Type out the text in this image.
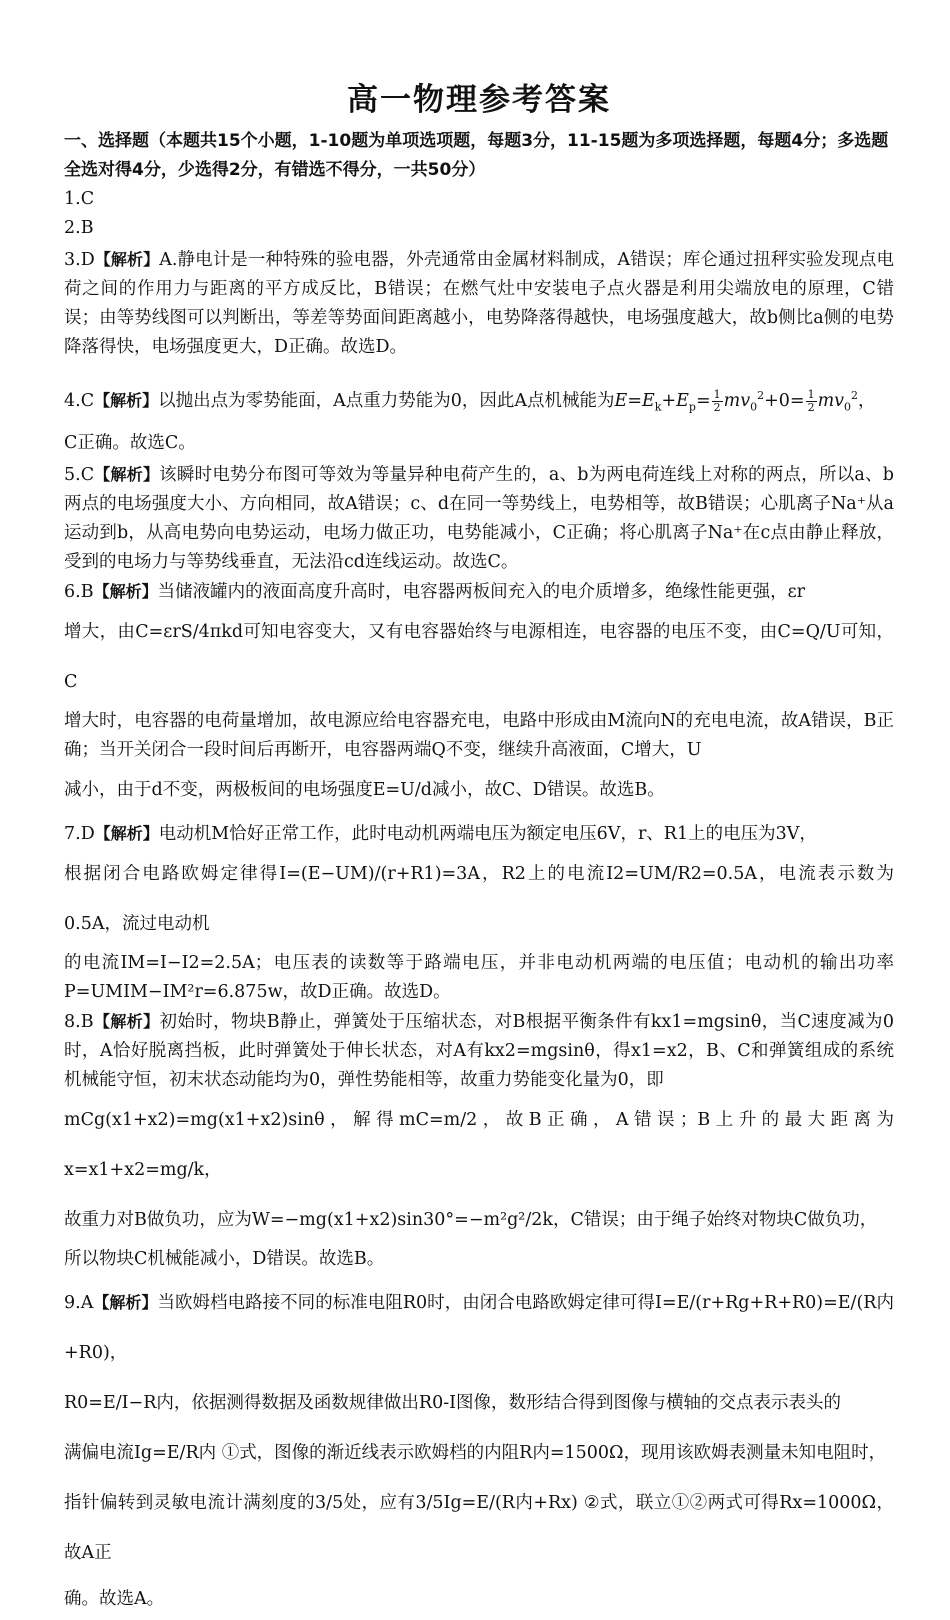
高一物理参考答案

一、选择题（本题共15个小题，1-10题为单项选项题，每题3分，11-15题为多项选择题，每题4分；多选题全选对得4分，少选得2分，有错选不得分，一共50分）

1.C

2.B

3.D【解析】A.静电计是一种特殊的验电器，外壳通常由金属材料制成，A错误；库仑通过扭秤实验发现点电荷之间的作用力与距离的平方成反比，B错误；在燃气灶中安装电子点火器是利用尖端放电的原理，C错误；由等势线图可以判断出，等差等势面间距离越小，电势降落得越快，电场强度越大，故b侧比a侧的电势降落得快，电场强度更大，D正确。故选D。

4.C【解析】以抛出点为零势能面，A点重力势能为0，因此A点机械能为$E=E_k+E_p= \frac{1}{2} mv_0^2+0= \frac{1}{2} mv_0^2$，

C正确。故选C。

5.C【解析】该瞬时电势分布图可等效为等量异种电荷产生的，a、b为两电荷连线上对称的两点，所以a、b两点的电场强度大小、方向相同，故A错误；c、d在同一等势线上，电势相等，故B错误；心肌离子Na⁺从a运动到b，从高电势向电势运动，电场力做正功，电势能减小，C正确；将心肌离子Na⁺在c点由静止释放，受到的电场力与等势线垂直，无法沿cd连线运动。故选C。

6.B【解析】当储液罐内的液面高度升高时，电容器两板间充入的电介质增多，绝缘性能更强，εr

增大，由C=εrS/4πkd可知电容变大，又有电容器始终与电源相连，电容器的电压不变，由C=Q/U可知，C

增大时，电容器的电荷量增加，故电源应给电容器充电，电路中形成由M流向N的充电电流，故A错误，B正确；当开关闭合一段时间后再断开，电容器两端Q不变，继续升高液面，C增大，U

减小，由于d不变，两极板间的电场强度E=U/d减小，故C、D错误。故选B。

7.D【解析】电动机M恰好正常工作，此时电动机两端电压为额定电压6V，r、R1上的电压为3V，

根据闭合电路欧姆定律得I=(E−UM)/(r+R1)=3A，R2上的电流I2=UM/R2=0.5A，电流表示数为0.5A，流过电动机

的电流IM=I−I2=2.5A；电压表的读数等于路端电压，并非电动机两端的电压值；电动机的输出功率P=UMIM−IM²r=6.875w，故D正确。故选D。

8.B【解析】初始时，物块B静止，弹簧处于压缩状态，对B根据平衡条件有kx1=mgsinθ，当C速度减为0时，A恰好脱离挡板，此时弹簧处于伸长状态，对A有kx2=mgsinθ，得x1=x2，B、C和弹簧组成的系统机械能守恒，初末状态动能均为0，弹性势能相等，故重力势能变化量为0，即

mCg(x1+x2)=mg(x1+x2)sinθ，解得mC=m/2，故B正确，A错误；B上升的最大距离为x=x1+x2=mg/k，

故重力对B做负功，应为W=−mg(x1+x2)sin30°=−m²g²/2k，C错误；由于绳子始终对物块C做负功，

所以物块C机械能减小，D错误。故选B。

9.A【解析】当欧姆档电路接不同的标准电阻R0时，由闭合电路欧姆定律可得I=E/(r+Rg+R+R0)=E/(R内+R0)，

R0=E/I−R内，依据测得数据及函数规律做出R0-I图像，数形结合得到图像与横轴的交点表示表头的

满偏电流Ig=E/R内 ①式，图像的渐近线表示欧姆档的内阻R内=1500Ω，现用该欧姆表测量未知电阻时，

指针偏转到灵敏电流计满刻度的3/5处，应有3/5Ig=E/(R内+Rx) ②式，联立①②两式可得Rx=1000Ω，故A正

确。故选A。
